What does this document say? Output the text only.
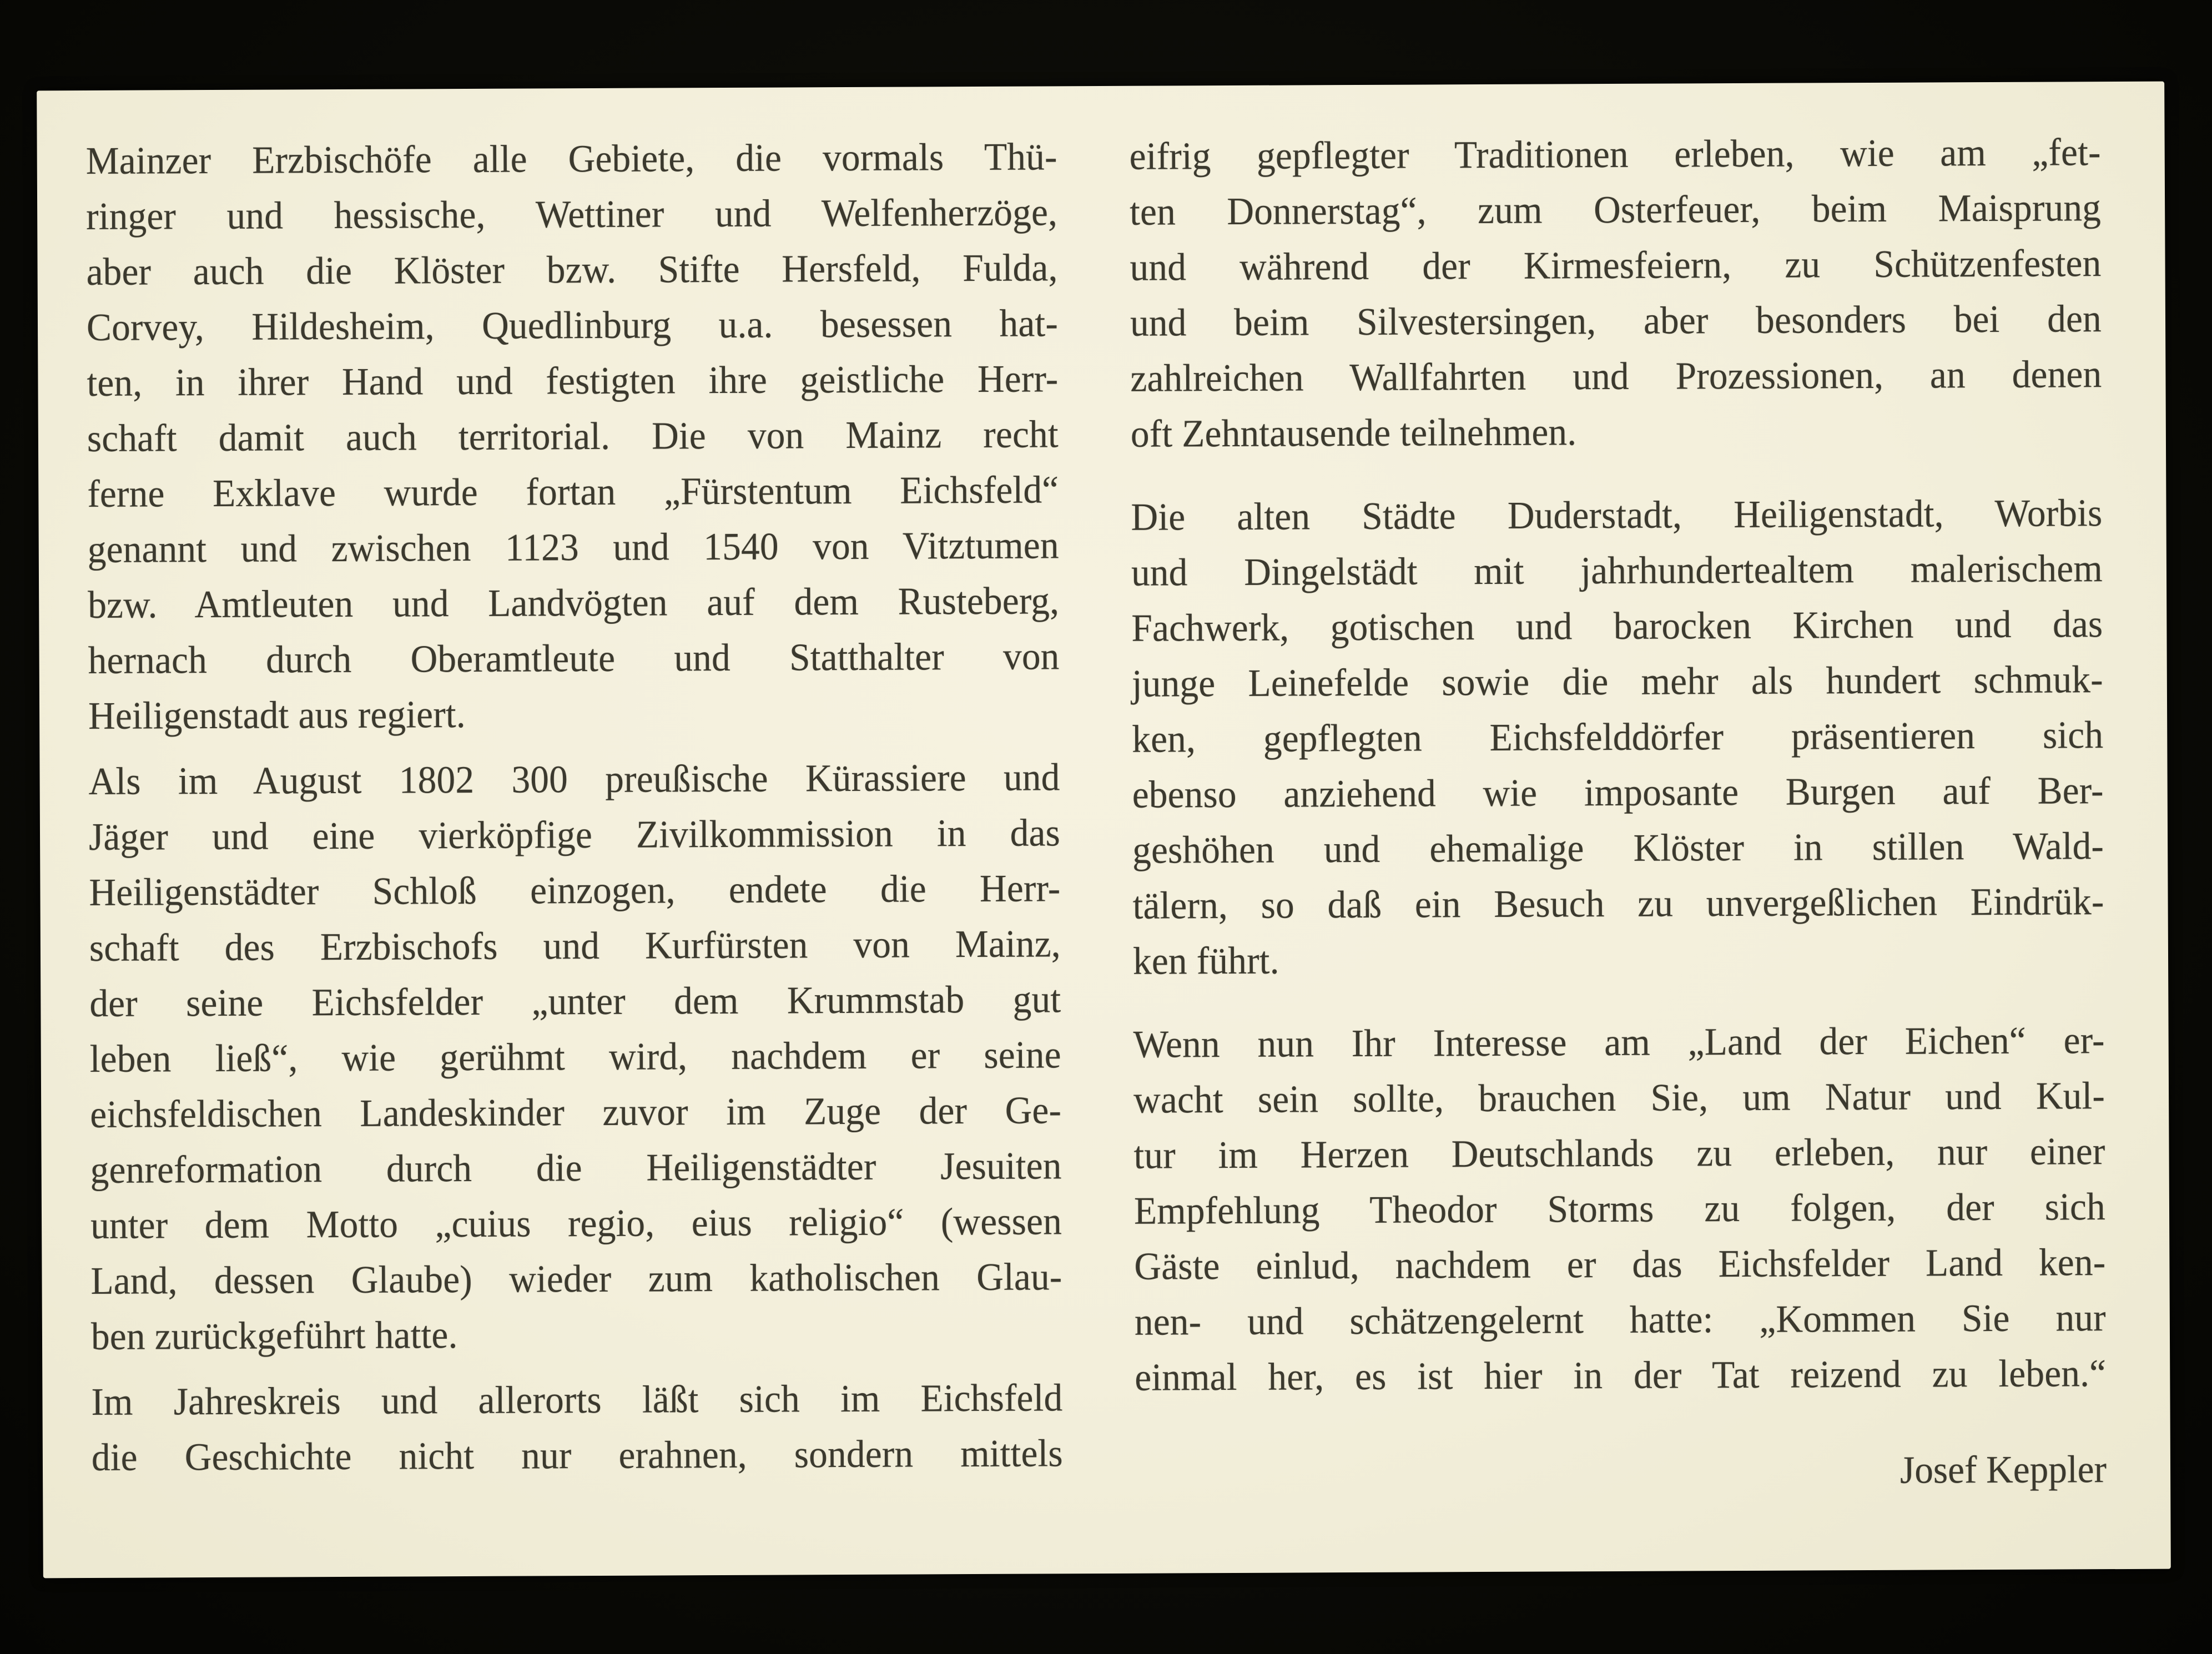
Mainzer Erzbischöfe alle Gebiete, die vormals Thü-
ringer und hessische, Wettiner und Welfenherzöge,
aber auch die Klöster bzw. Stifte Hersfeld, Fulda,
Corvey, Hildesheim, Quedlinburg u.a. besessen hat-
ten, in ihrer Hand und festigten ihre geistliche Herr-
schaft damit auch territorial. Die von Mainz recht
ferne Exklave wurde fortan „Fürstentum Eichsfeld“
genannt und zwischen 1123 und 1540 von Vitztumen
bzw. Amtleuten und Landvögten auf dem Rusteberg,
hernach durch Oberamtleute und Statthalter von
Heiligenstadt aus regiert.
Als im August 1802 300 preußische Kürassiere und
Jäger und eine vierköpfige Zivilkommission in das
Heiligenstädter Schloß einzogen, endete die Herr-
schaft des Erzbischofs und Kurfürsten von Mainz,
der seine Eichsfelder „unter dem Krummstab gut
leben ließ“, wie gerühmt wird, nachdem er seine
eichsfeldischen Landeskinder zuvor im Zuge der Ge-
genreformation durch die Heiligenstädter Jesuiten
unter dem Motto „cuius regio, eius religio“ (wessen
Land, dessen Glaube) wieder zum katholischen Glau-
ben zurückgeführt hatte.
Im Jahreskreis und allerorts läßt sich im Eichsfeld
die Geschichte nicht nur erahnen, sondern mittels
eifrig gepflegter Traditionen erleben, wie am „fet-
ten Donnerstag“, zum Osterfeuer, beim Maisprung
und während der Kirmesfeiern, zu Schützenfesten
und beim Silvestersingen, aber besonders bei den
zahlreichen Wallfahrten und Prozessionen, an denen
oft Zehntausende teilnehmen.
Die alten Städte Duderstadt, Heiligenstadt, Worbis
und Dingelstädt mit jahrhundertealtem malerischem
Fachwerk, gotischen und barocken Kirchen und das
junge Leinefelde sowie die mehr als hundert schmuk-
ken, gepflegten Eichsfelddörfer präsentieren sich
ebenso anziehend wie imposante Burgen auf Ber-
geshöhen und ehemalige Klöster in stillen Wald-
tälern, so daß ein Besuch zu unvergeßlichen Eindrük-
ken führt.
Wenn nun Ihr Interesse am „Land der Eichen“ er-
wacht sein sollte, brauchen Sie, um Natur und Kul-
tur im Herzen Deutschlands zu erleben, nur einer
Empfehlung Theodor Storms zu folgen, der sich
Gäste einlud, nachdem er das Eichsfelder Land ken-
nen- und schätzengelernt hatte: „Kommen Sie nur
einmal her, es ist hier in der Tat reizend zu leben.“
Josef Keppler
